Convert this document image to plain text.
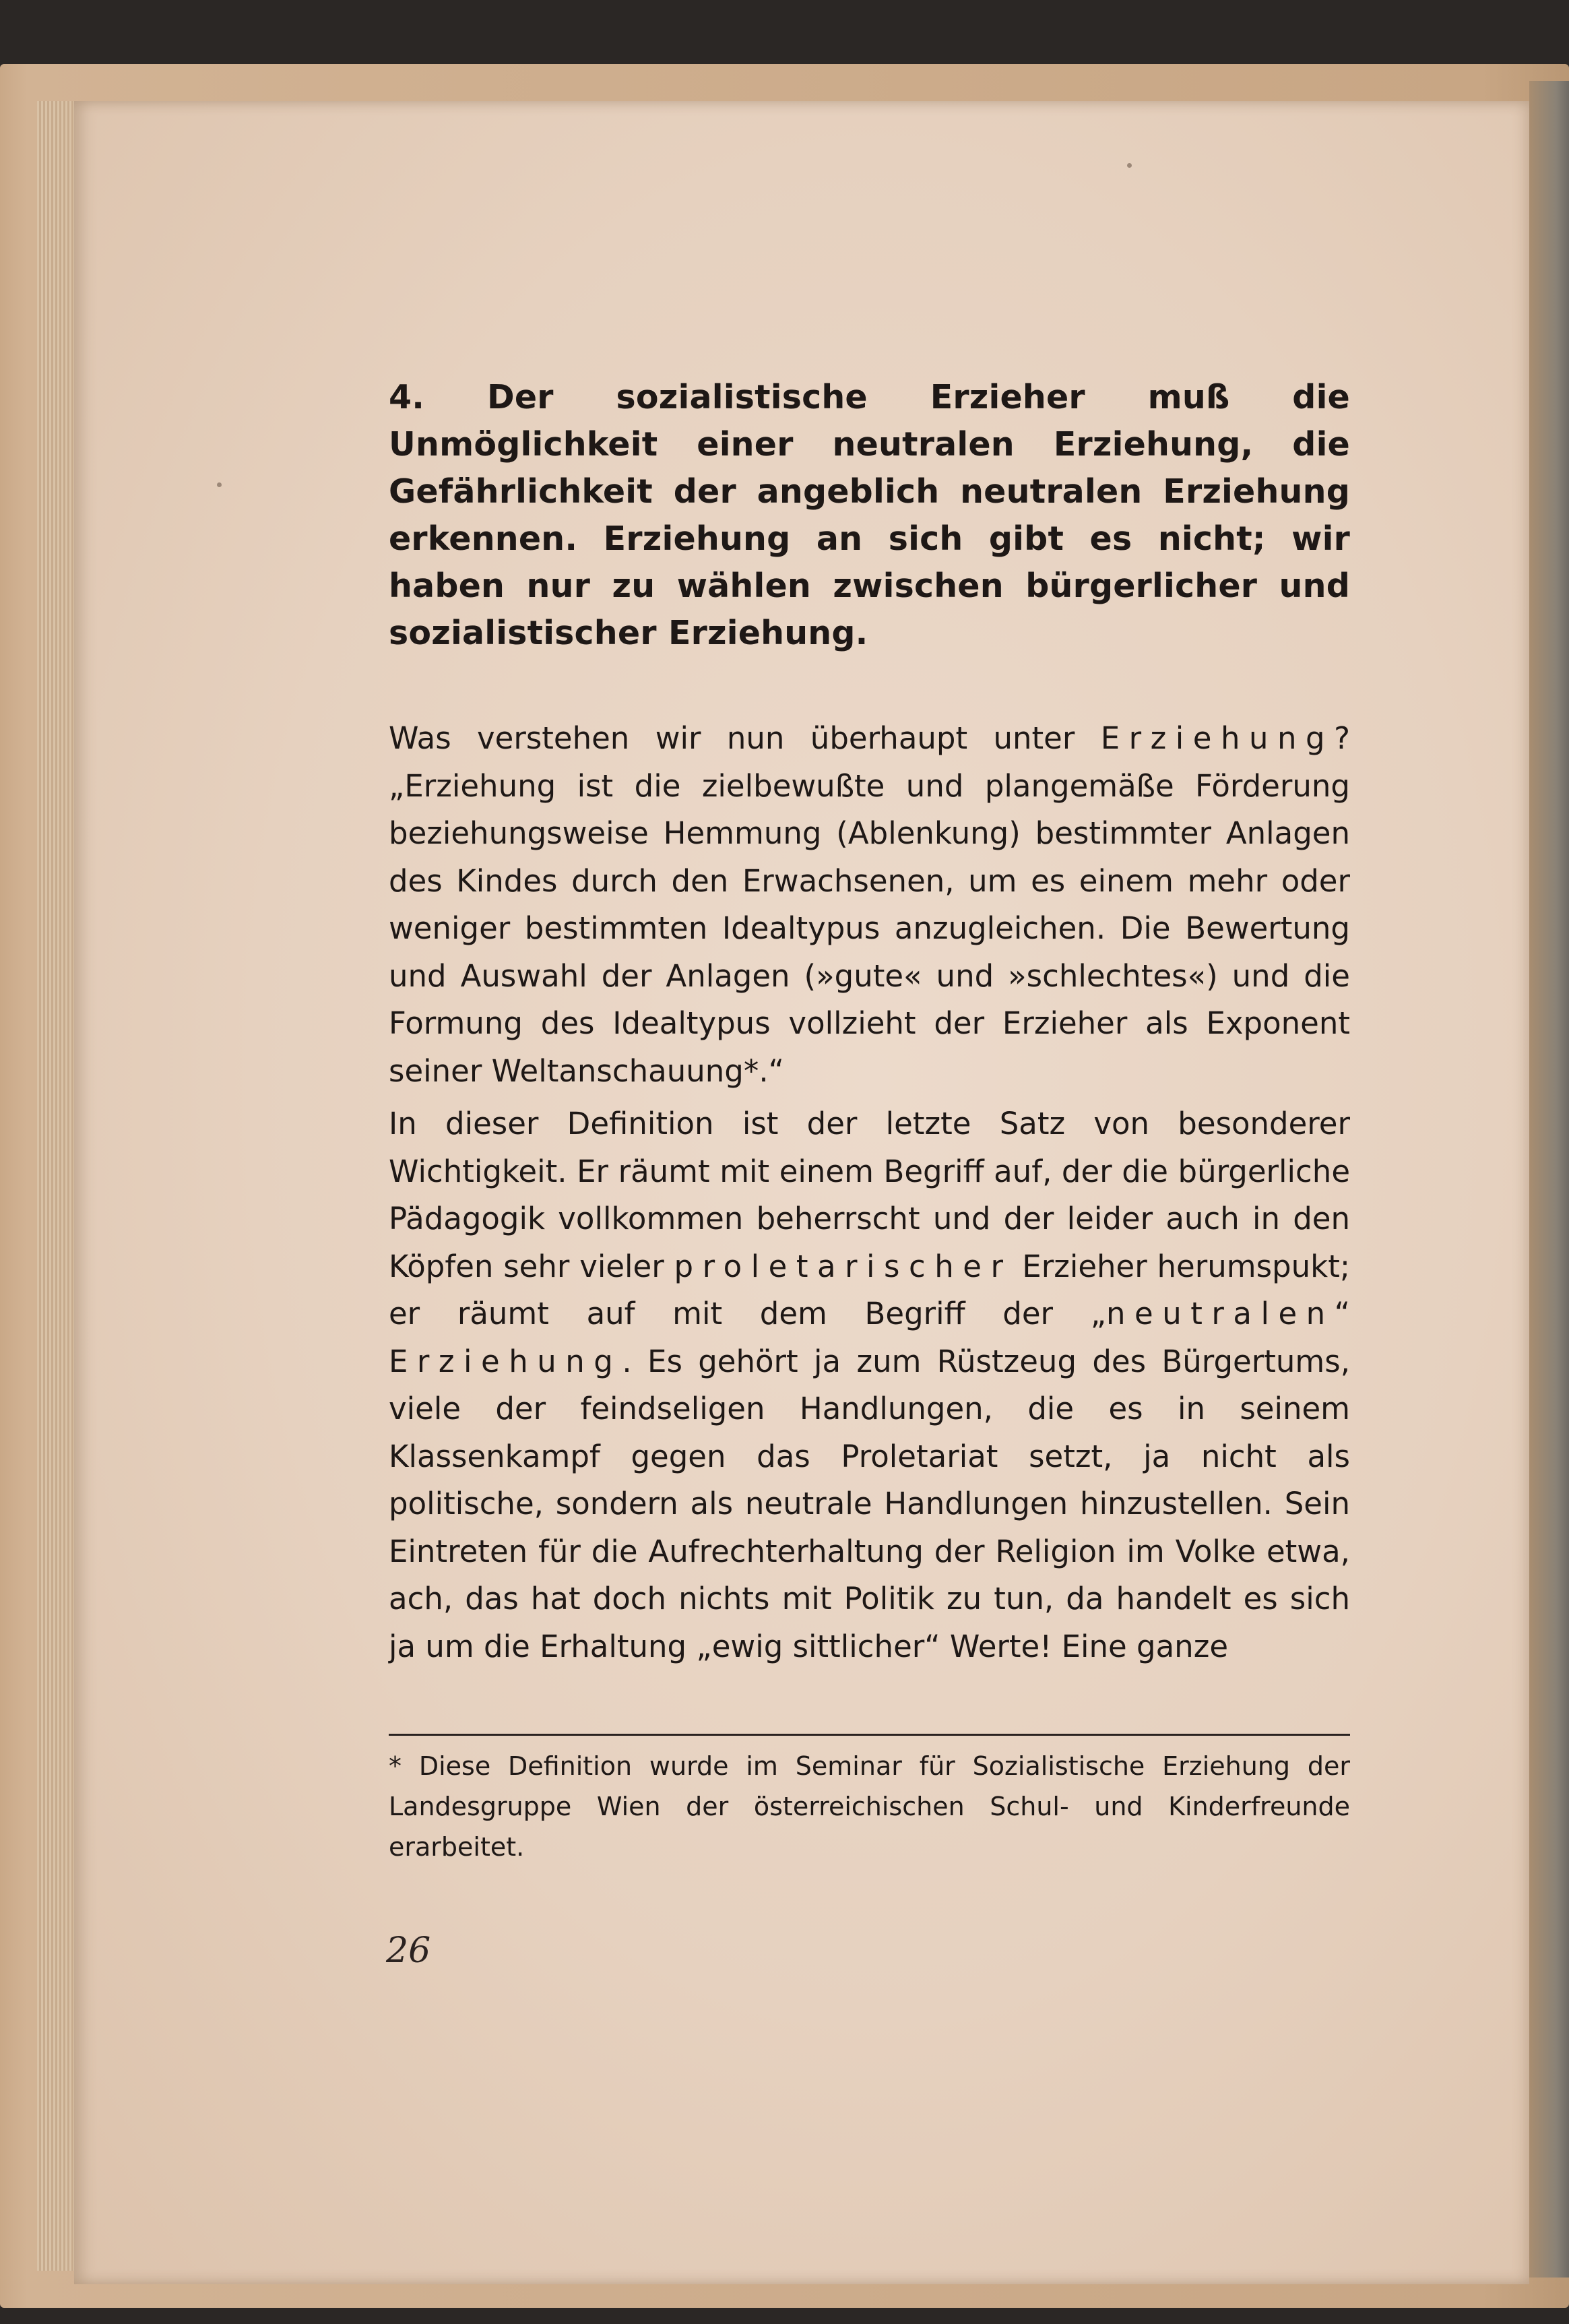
4. Der sozialistische Erzieher muß die Unmöglichkeit einer neutralen Erziehung, die Gefährlichkeit der angeblich neutralen Erziehung erkennen. Erziehung an sich gibt es nicht; wir haben nur zu wählen zwischen bürgerlicher und sozialistischer Erziehung.

Was verstehen wir nun überhaupt unter Erziehung? „Erziehung ist die zielbewußte und plangemäße Förderung beziehungsweise Hemmung (Ablenkung) bestimmter Anlagen des Kindes durch den Erwachsenen, um es einem mehr oder weniger bestimmten Idealtypus anzugleichen. Die Bewertung und Auswahl der Anlagen (»gute« und »schlechtes«) und die Formung des Idealtypus vollzieht der Erzieher als Exponent seiner Weltanschauung*.“

In dieser Definition ist der letzte Satz von besonderer Wichtigkeit. Er räumt mit einem Begriff auf, der die bürgerliche Pädagogik vollkommen beherrscht und der leider auch in den Köpfen sehr vieler proletarischer Erzieher herumspukt; er räumt auf mit dem Begriff der „neutralen“ Erziehung. Es gehört ja zum Rüstzeug des Bürgertums, viele der feindseligen Handlungen, die es in seinem Klassenkampf gegen das Proletariat setzt, ja nicht als politische, sondern als neutrale Handlungen hinzustellen. Sein Eintreten für die Aufrechterhaltung der Religion im Volke etwa, ach, das hat doch nichts mit Politik zu tun, da handelt es sich ja um die Erhaltung „ewig sittlicher“ Werte! Eine ganze

* Diese Definition wurde im Seminar für Sozialistische Erziehung der Landesgruppe Wien der österreichischen Schul- und Kinderfreunde erarbeitet.

26
